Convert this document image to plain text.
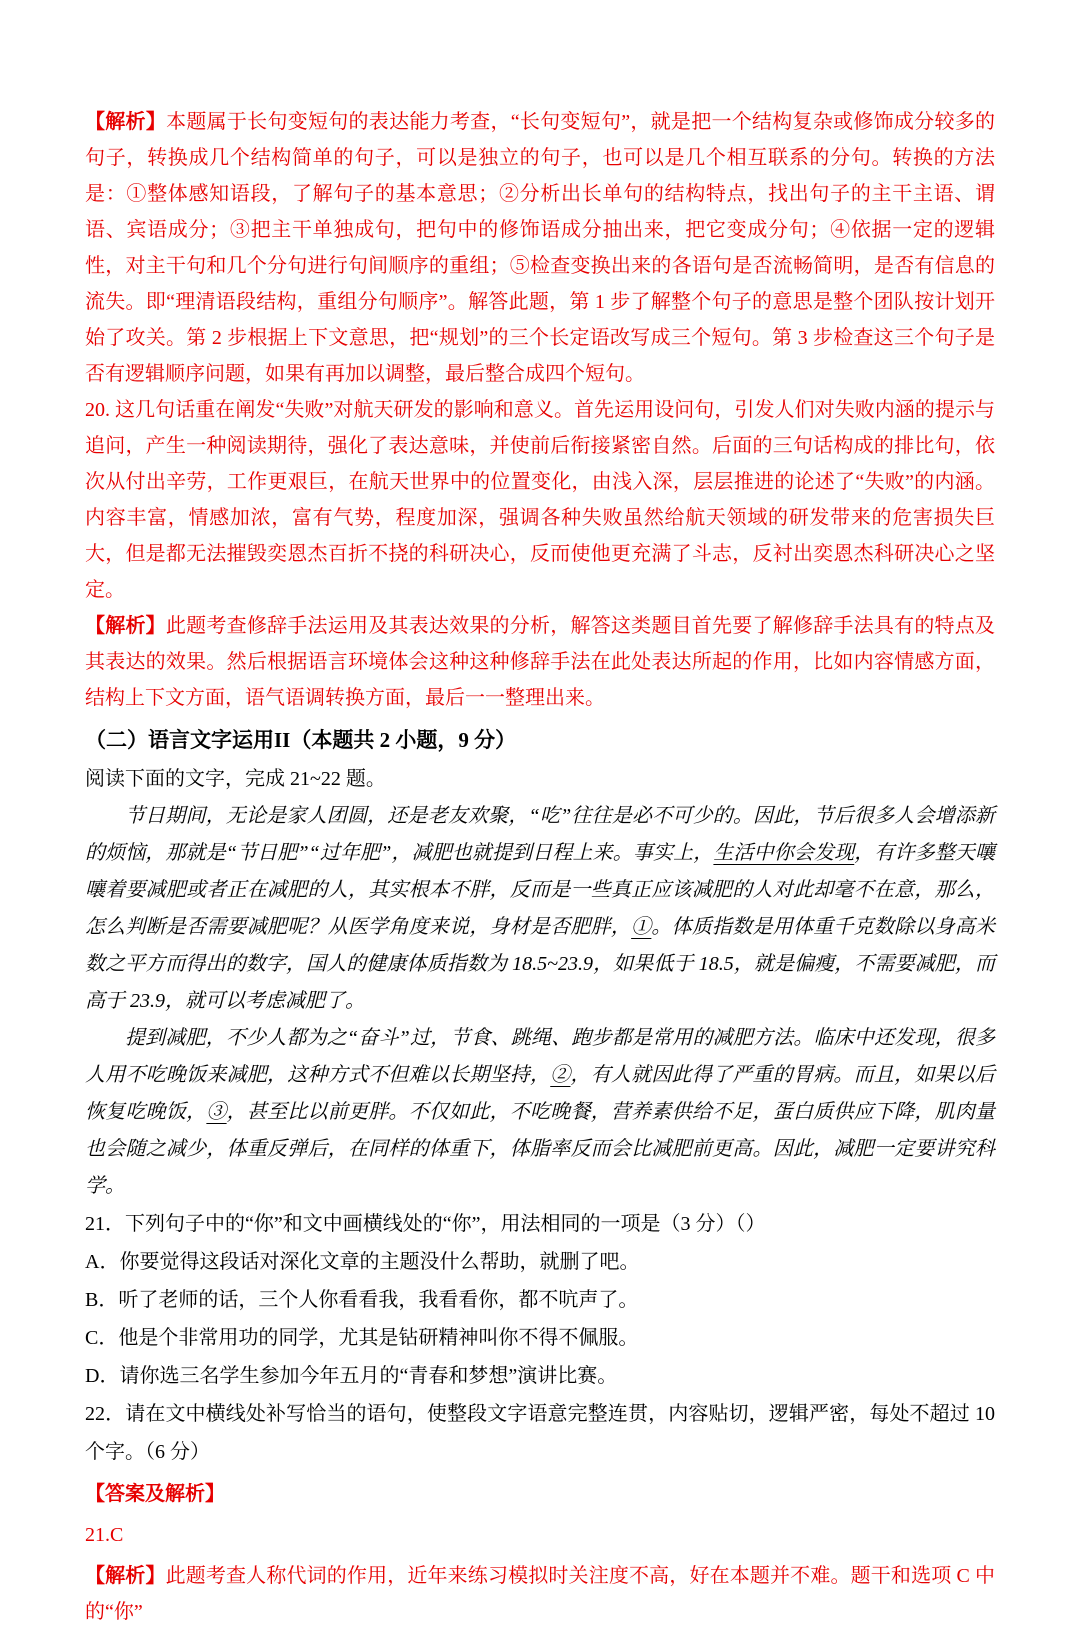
【解析】本题属于长句变短句的表达能力考查，“长句变短句”，就是把一个结构复杂或修饰成分较多的句子，转换成几个结构简单的句子，可以是独立的句子，也可以是几个相互联系的分句。转换的方法是：①整体感知语段，了解句子的基本意思；②分析出长单句的结构特点，找出句子的主干主语、谓语、宾语成分；③把主干单独成句，把句中的修饰语成分抽出来，把它变成分句；④依据一定的逻辑性，对主干句和几个分句进行句间顺序的重组；⑤检查变换出来的各语句是否流畅简明，是否有信息的流失。即“理清语段结构，重组分句顺序”。解答此题，第 1 步了解整个句子的意思是整个团队按计划开始了攻关。第 2 步根据上下文意思，把“规划”的三个长定语改写成三个短句。第 3 步检查这三个句子是否有逻辑顺序问题，如果有再加以调整，最后整合成四个短句。

20. 这几句话重在阐发“失败”对航天研发的影响和意义。首先运用设问句，引发人们对失败内涵的提示与追问，产生一种阅读期待，强化了表达意味，并使前后衔接紧密自然。后面的三句话构成的排比句，依次从付出辛劳，工作更艰巨，在航天世界中的位置变化，由浅入深，层层推进的论述了“失败”的内涵。内容丰富，情感加浓，富有气势，程度加深，强调各种失败虽然给航天领域的研发带来的危害损失巨大，但是都无法摧毁奕恩杰百折不挠的科研决心，反而使他更充满了斗志，反衬出奕恩杰科研决心之坚定。

【解析】此题考查修辞手法运用及其表达效果的分析，解答这类题目首先要了解修辞手法具有的特点及其表达的效果。然后根据语言环境体会这种这种修辞手法在此处表达所起的作用，比如内容情感方面，结构上下文方面，语气语调转换方面，最后一一整理出来。

（二）语言文字运用II（本题共 2 小题，9 分）

阅读下面的文字，完成 21~22 题。

节日期间，无论是家人团圆，还是老友欢聚，“吃”往往是必不可少的。因此，节后很多人会增添新的烦恼，那就是“节日肥”“过年肥”，减肥也就提到日程上来。事实上，生活中你会发现，有许多整天嚷嚷着要减肥或者正在减肥的人，其实根本不胖，反而是一些真正应该减肥的人对此却毫不在意，那么，怎么判断是否需要减肥呢？从医学角度来说，身材是否肥胖，①。体质指数是用体重千克数除以身高米数之平方而得出的数字，国人的健康体质指数为 18.5~23.9，如果低于 18.5，就是偏瘦，不需要减肥，而高于 23.9，就可以考虑减肥了。

提到减肥，不少人都为之“奋斗”过，节食、跳绳、跑步都是常用的减肥方法。临床中还发现，很多人用不吃晚饭来减肥，这种方式不但难以长期坚持，②，有人就因此得了严重的胃病。而且，如果以后恢复吃晚饭，③，甚至比以前更胖。不仅如此，不吃晚餐，营养素供给不足，蛋白质供应下降，肌肉量也会随之减少，体重反弹后，在同样的体重下，体脂率反而会比减肥前更高。因此，减肥一定要讲究科学。

21．下列句子中的“你”和文中画横线处的“你”，用法相同的一项是（3 分）（）

A．你要觉得这段话对深化文章的主题没什么帮助，就删了吧。

B．听了老师的话，三个人你看看我，我看看你，都不吭声了。

C．他是个非常用功的同学，尤其是钻研精神叫你不得不佩服。

D．请你选三名学生参加今年五月的“青春和梦想”演讲比赛。

22．请在文中横线处补写恰当的语句，使整段文字语意完整连贯，内容贴切，逻辑严密，每处不超过 10 个字。（6 分）

【答案及解析】

21.C

【解析】此题考查人称代词的作用，近年来练习模拟时关注度不高，好在本题并不难。题干和选项 C 中的“你”
